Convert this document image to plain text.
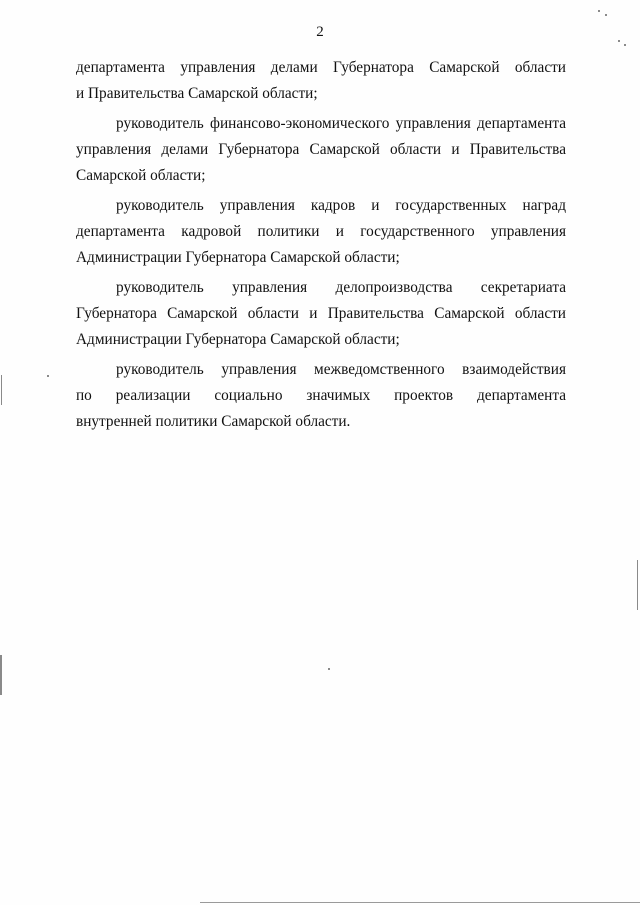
2

департамента управления делами Губернатора Самарской области
и Правительства Самарской области;

руководитель финансово-экономического управления департамента
управления делами Губернатора Самарской области и Правительства
Самарской области;

руководитель управления кадров и государственных наград
департамента кадровой политики и государственного управления
Администрации Губернатора Самарской области;

руководитель управления делопроизводства секретариата
Губернатора Самарской области и Правительства Самарской области
Администрации Губернатора Самарской области;

руководитель управления межведомственного взаимодействия
по реализации социально значимых проектов департамента
внутренней политики Самарской области.
